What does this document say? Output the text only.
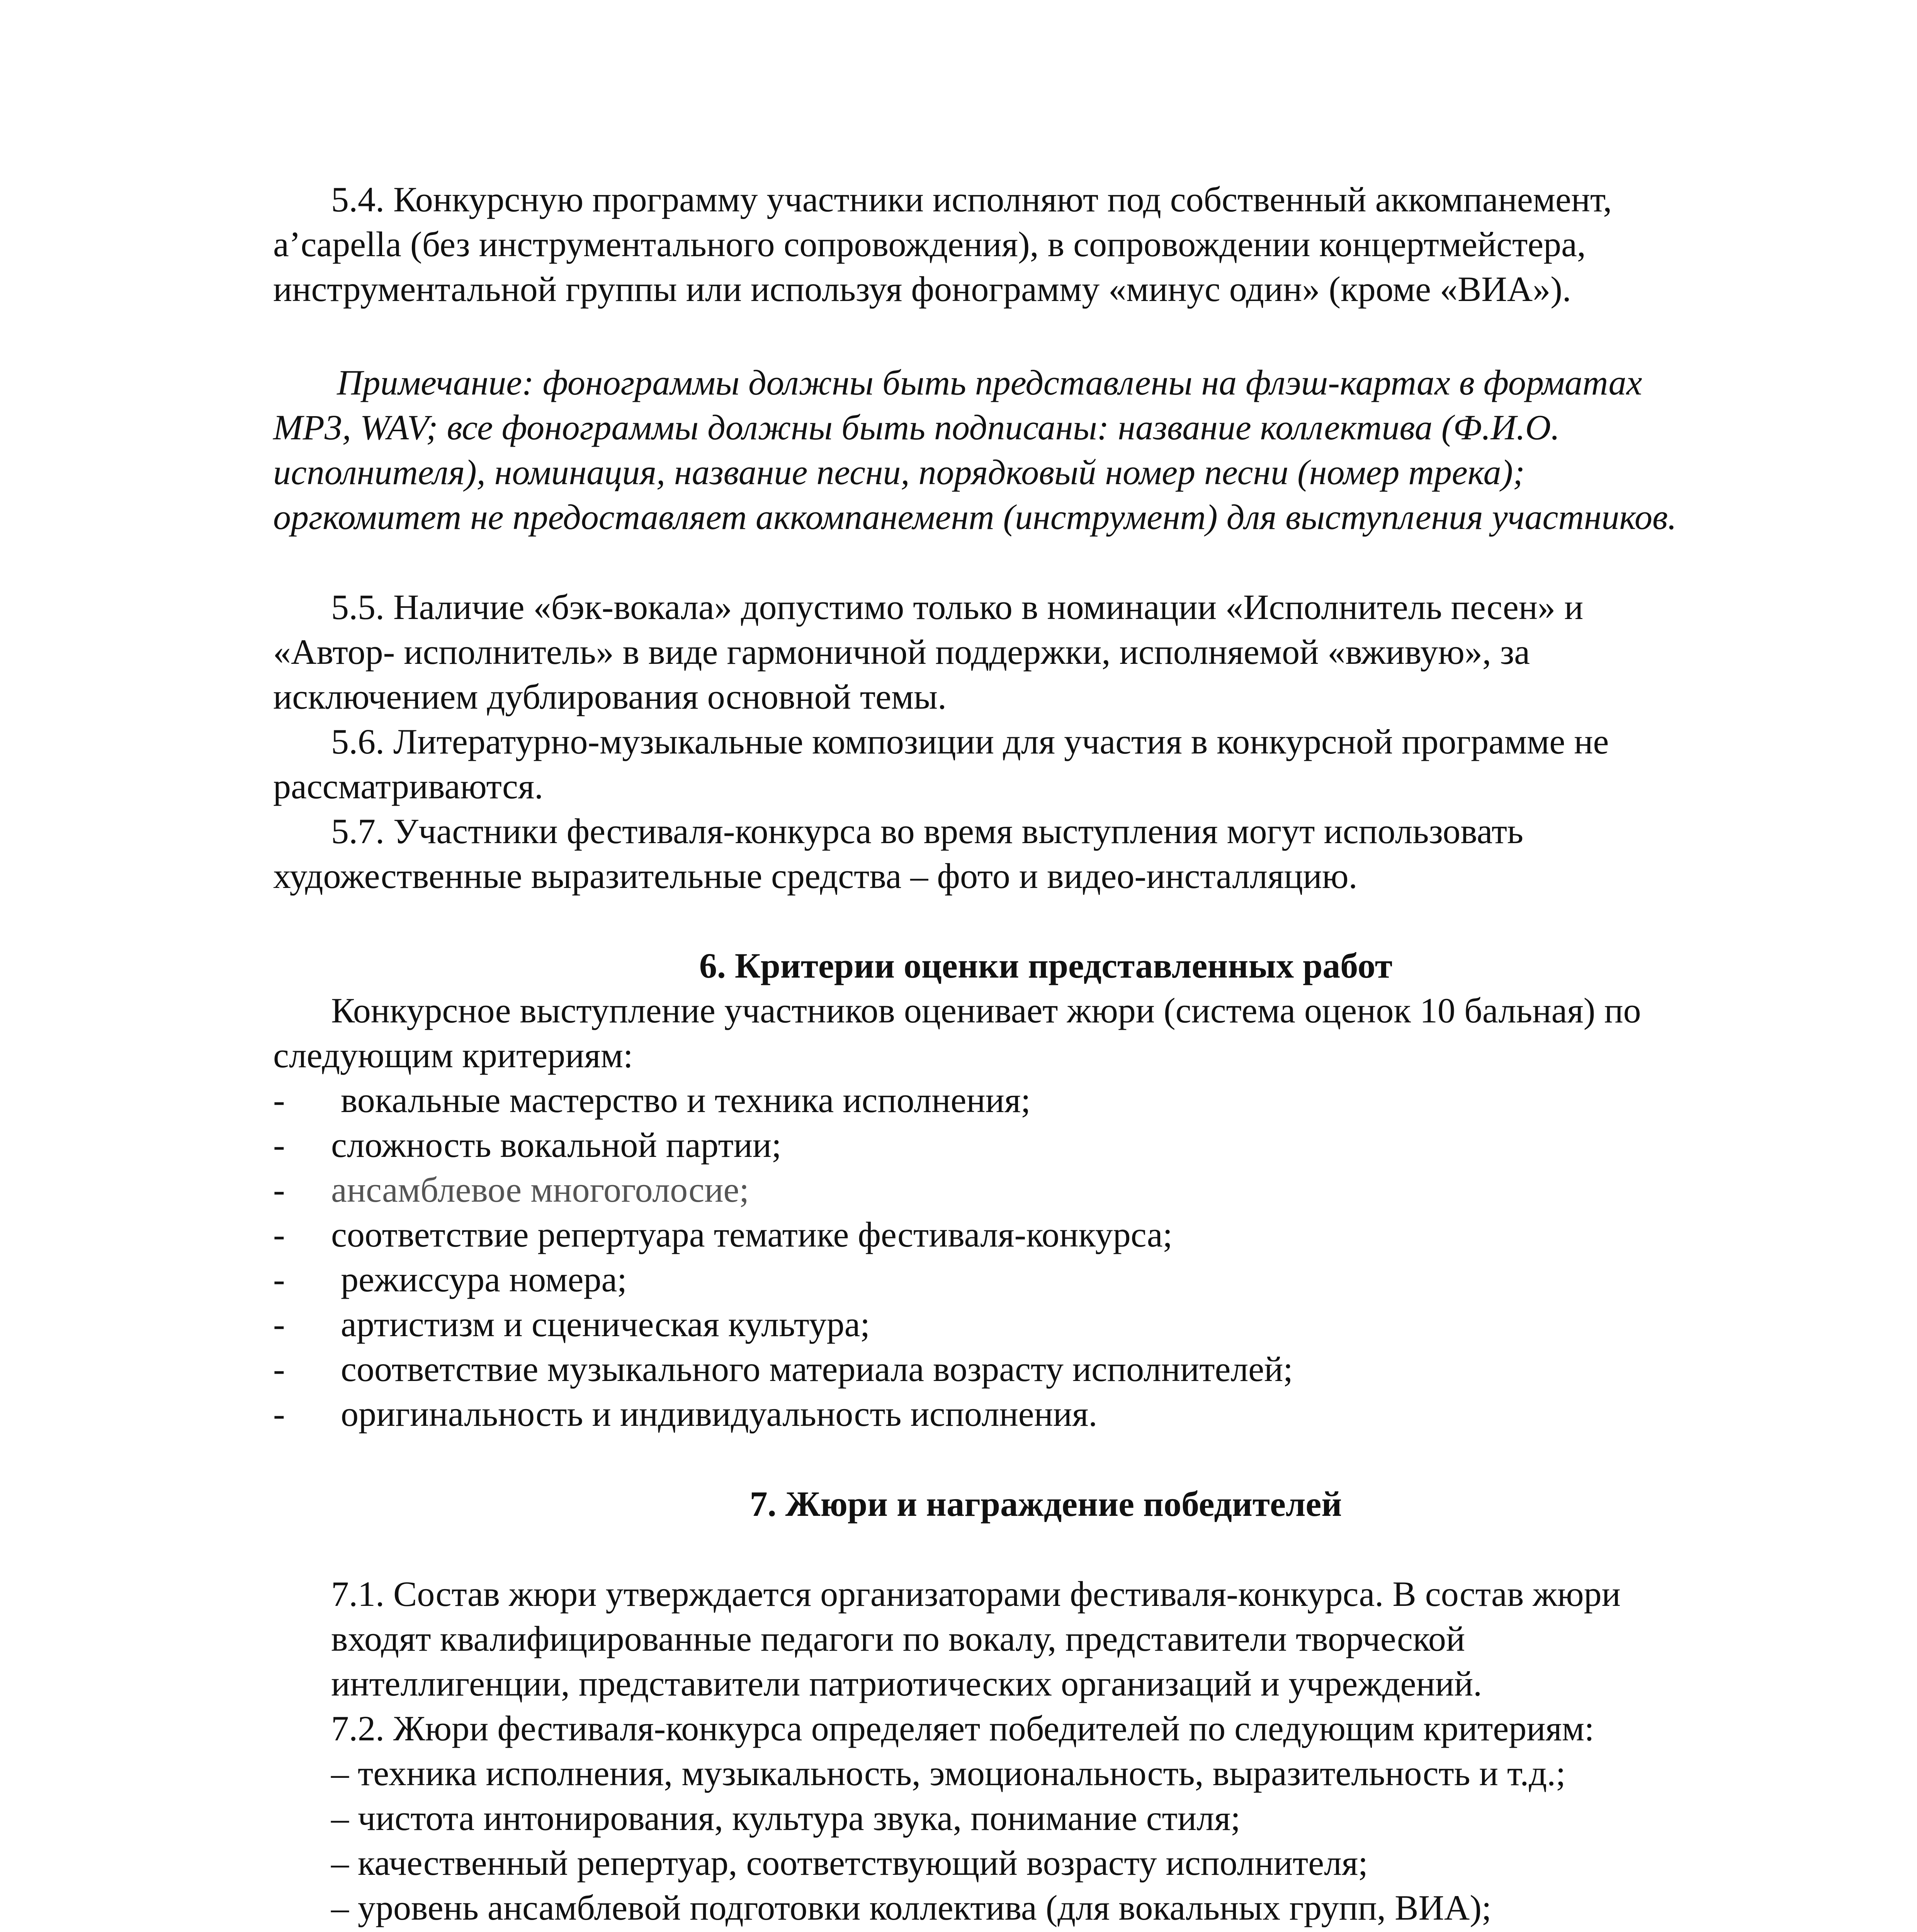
5.4. Конкурсную программу участники исполняют под собственный аккомпанемент,
a’capella (без инструментального сопровождения), в сопровождении концертмейстера,
инструментальной группы или используя фонограмму «минус один» (кроме «ВИА»).
Примечание: фонограммы должны быть представлены на флэш-картах в форматах
MP3, WAV; все фонограммы должны быть подписаны: название коллектива (Ф.И.О.
исполнителя), номинация, название песни, порядковый номер песни (номер трека);
оргкомитет не предоставляет аккомпанемент (инструмент) для выступления участников.
5.5. Наличие «бэк-вокала» допустимо только в номинации «Исполнитель песен» и
«Автор- исполнитель» в виде гармоничной поддержки, исполняемой «вживую», за
исключением дублирования основной темы.
5.6. Литературно-музыкальные композиции для участия в конкурсной программе не
рассматриваются.
5.7. Участники фестиваля-конкурса во время выступления могут использовать
художественные выразительные средства – фото и видео-инсталляцию.
6. Критерии оценки представленных работ
Конкурсное выступление участников оценивает жюри (система оценок 10 бальная) по
следующим критериям:
- вокальные мастерство и техника исполнения;
- сложность вокальной партии;
- ансамблевое многоголосие;
- соответствие репертуара тематике фестиваля-конкурса;
- режиссура номера;
- артистизм и сценическая культура;
- соответствие музыкального материала возрасту исполнителей;
- оригинальность и индивидуальность исполнения.
7. Жюри и награждение победителей
7.1. Состав жюри утверждается организаторами фестиваля-конкурса. В состав жюри
входят квалифицированные педагоги по вокалу, представители творческой
интеллигенции, представители патриотических организаций и учреждений.
7.2. Жюри фестиваля-конкурса определяет победителей по следующим критериям:
– техника исполнения, музыкальность, эмоциональность, выразительность и т.д.;
– чистота интонирования, культура звука, понимание стиля;
– качественный репертуар, соответствующий возрасту исполнителя;
– уровень ансамблевой подготовки коллектива (для вокальных групп, ВИА);
